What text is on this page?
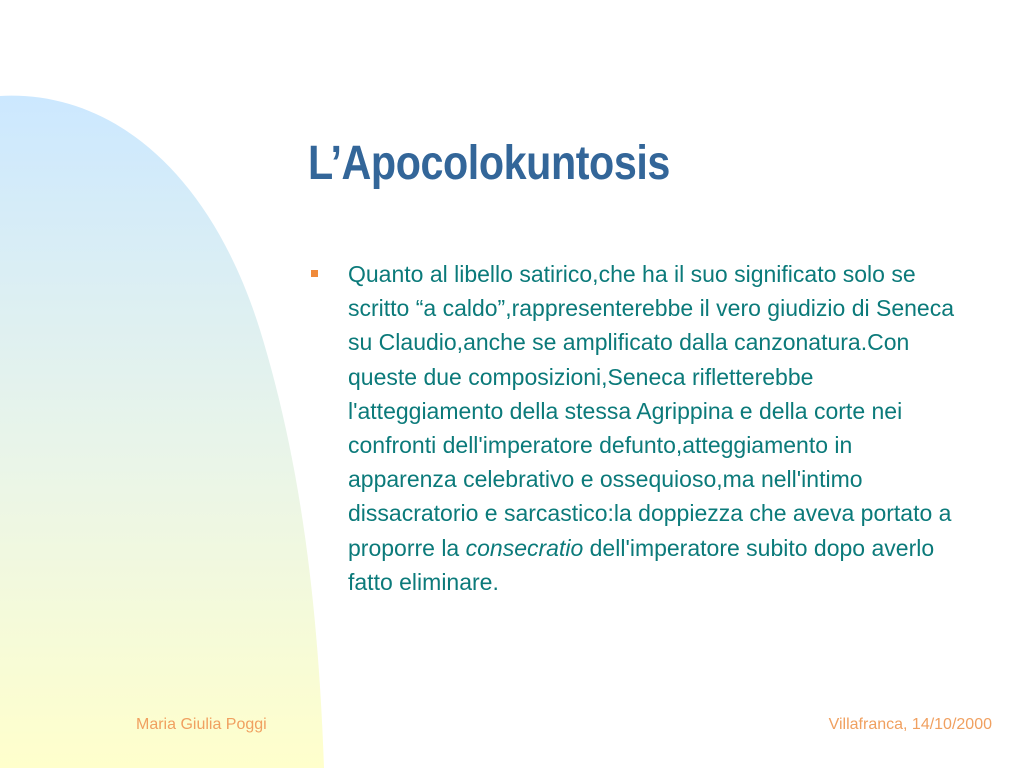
L’Apocolokuntosis
Quanto al libello satirico,che ha il suo significato solo se scritto “a caldo”,rappresenterebbe il vero giudizio di Seneca su Claudio,anche se amplificato dalla canzonatura.Con queste due composizioni,Seneca rifletterebbe l'atteggiamento della stessa Agrippina e della corte nei confronti dell'imperatore defunto,atteggiamento in apparenza celebrativo e ossequioso,ma nell'intimo dissacratorio e sarcastico:la doppiezza che aveva portato a proporre la consecratio dell'imperatore subito dopo averlo fatto eliminare.
Maria Giulia Poggi	Villafranca, 14/10/2000
